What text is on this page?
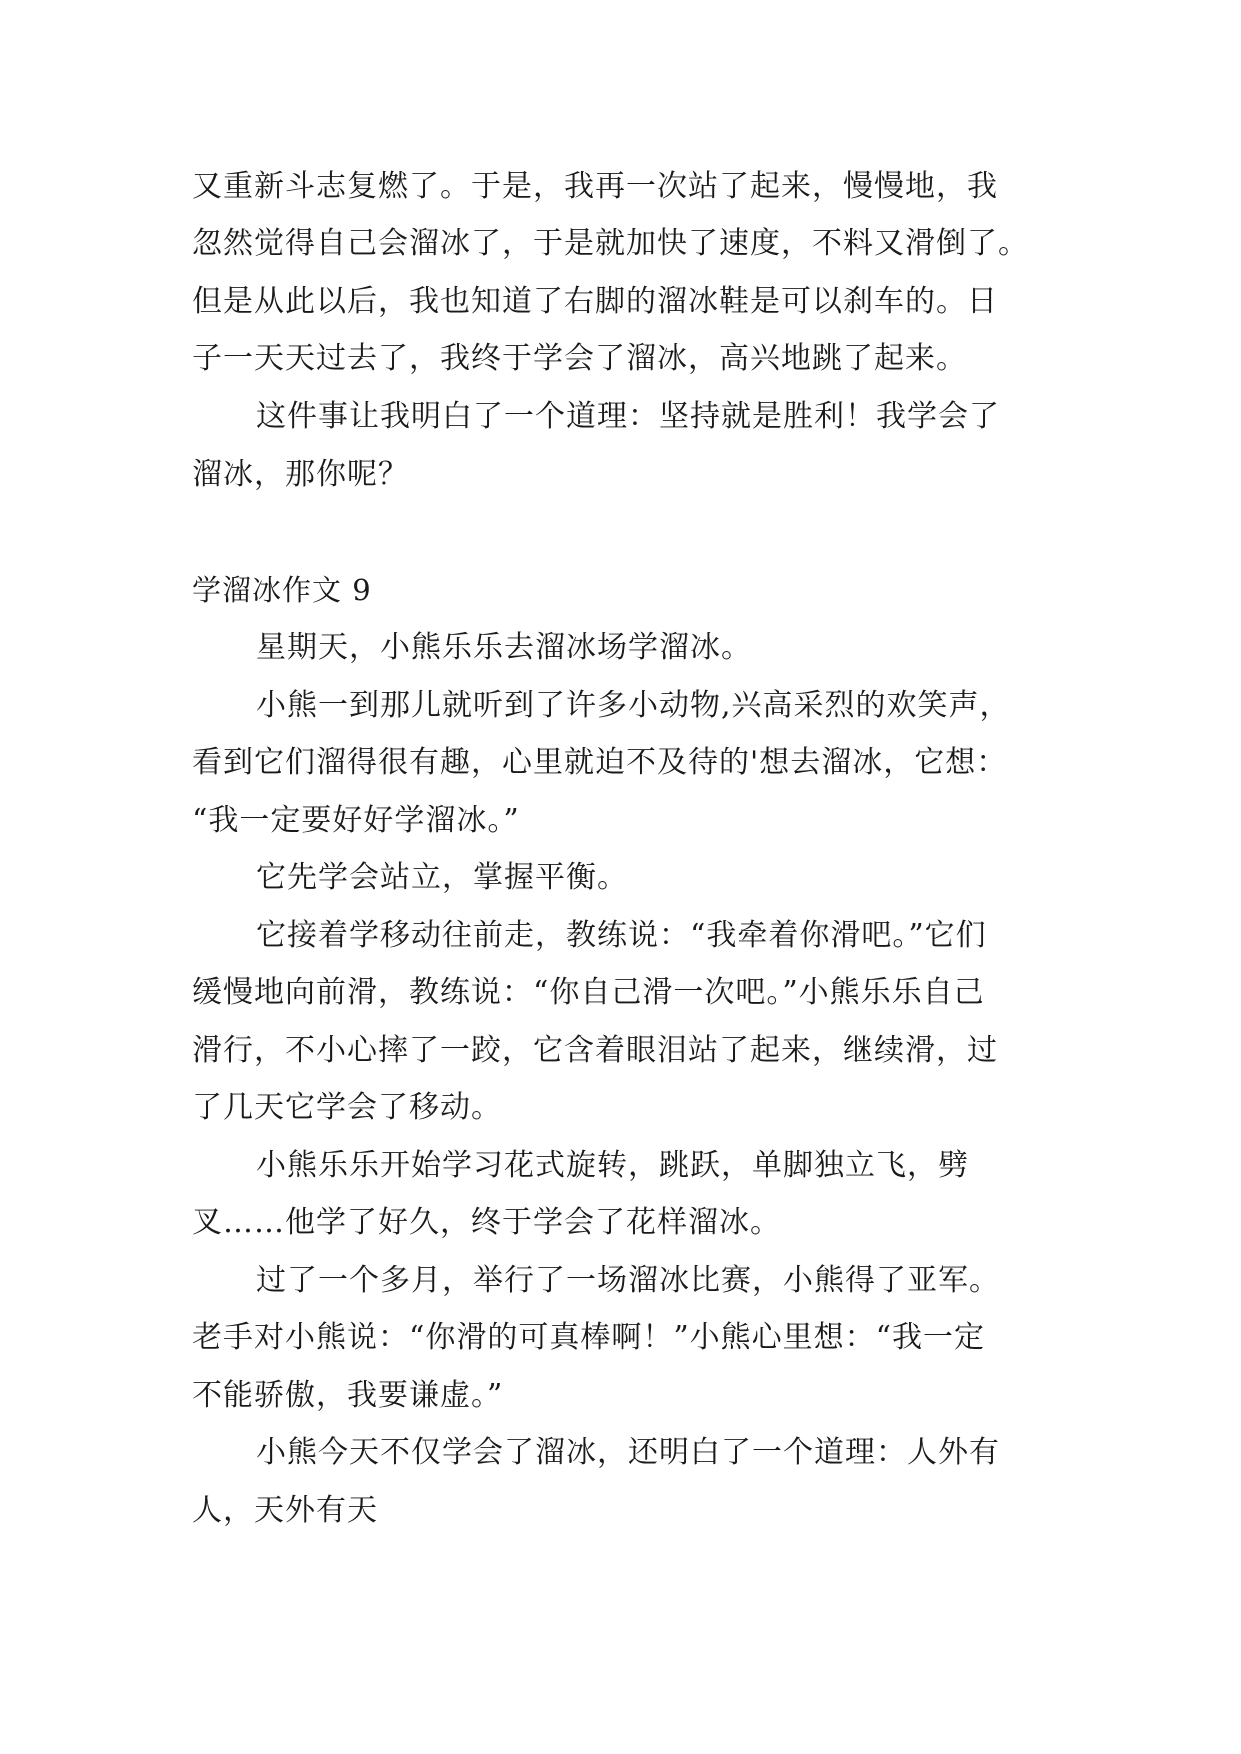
又重新斗志复燃了。于是，我再一次站了起来，慢慢地，我
忽然觉得自己会溜冰了，于是就加快了速度，不料又滑倒了。
但是从此以后，我也知道了右脚的溜冰鞋是可以刹车的。日
子一天天过去了，我终于学会了溜冰，高兴地跳了起来。
这件事让我明白了一个道理：坚持就是胜利！我学会了
溜冰，那你呢？
学溜冰作文 9
星期天，小熊乐乐去溜冰场学溜冰。
小熊一到那儿就听到了许多小动物,兴高采烈的欢笑声，
看到它们溜得很有趣，心里就迫不及待的'想去溜冰，它想：
“我一定要好好学溜冰。”
它先学会站立，掌握平衡。
它接着学移动往前走，教练说：“我牵着你滑吧。”它们
缓慢地向前滑，教练说：“你自己滑一次吧。”小熊乐乐自己
滑行，不小心摔了一跤，它含着眼泪站了起来，继续滑，过
了几天它学会了移动。
小熊乐乐开始学习花式旋转，跳跃，单脚独立飞，劈
叉……他学了好久，终于学会了花样溜冰。
过了一个多月，举行了一场溜冰比赛，小熊得了亚军。
老手对小熊说：“你滑的可真棒啊！”小熊心里想：“我一定
不能骄傲，我要谦虚。”
小熊今天不仅学会了溜冰，还明白了一个道理：人外有
人，天外有天
